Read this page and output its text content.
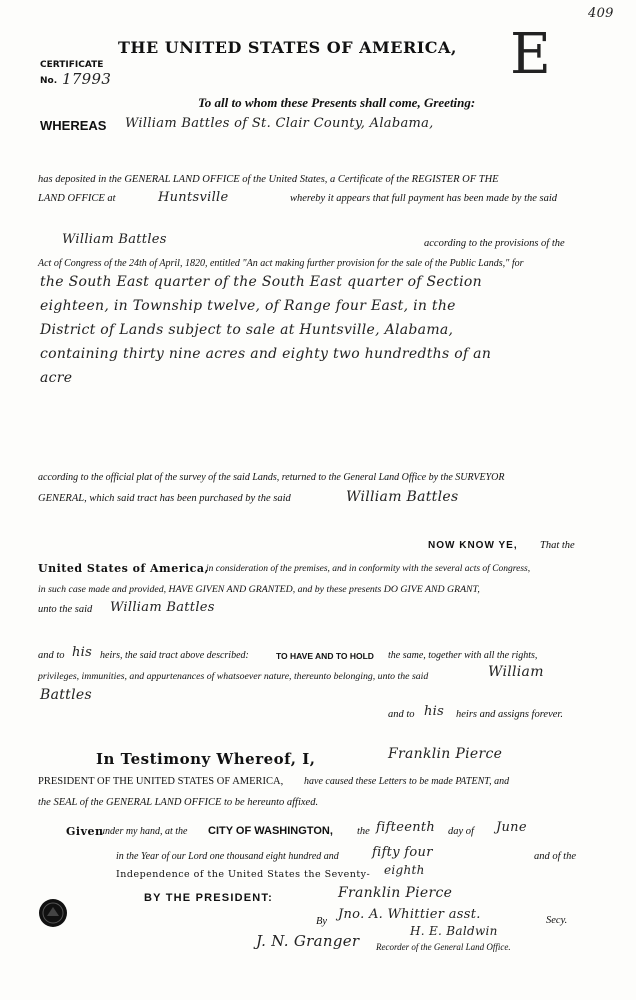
409
THE UNITED STATES OF AMERICA, E
CERTIFICATE
No. 17993
To all to whom these Presents shall come, Greeting:
WHEREAS William Battles of St. Clair County, Alabama,
has deposited in the GENERAL LAND OFFICE of the United States, a Certificate of the REGISTER OF THE
LAND OFFICE at	Huntsville	whereby it appears that full payment has been made by the said
William Battles	according to the provisions of the
Act of Congress of the 24th of April, 1820, entitled "An act making further provision for the sale of the Public Lands," for
the South East quarter of the South East quarter of Section
eighteen, in Township twelve, of Range four East, in the
District of Lands subject to sale at Huntsville, Alabama,
containing thirty nine acres and eighty two hundredths of an
acre
according to the official plat of the survey of the said Lands, returned to the General Land Office by the SURVEYOR
GENERAL, which said tract has been purchased by the said	William Battles
NOW KNOW YE, That the
United States of America,
in consideration of the premises, and in conformity with the several acts of Congress,
in such case made and provided, HAVE GIVEN AND GRANTED, and by these presents DO GIVE AND GRANT,
unto the said William Battles
and to his heirs, the said tract above described:	TO HAVE AND TO HOLD the same, together with all the rights,
privileges, immunities, and appurtenances of whatsoever nature, thereunto belonging, unto the said	William
Battles
and to his heirs and assigns forever.
In Testimony Whereof, I,	Franklin Pierce
PRESIDENT OF THE UNITED STATES OF AMERICA, have caused these Letters to be made PATENT, and
the SEAL of the GENERAL LAND OFFICE to be hereunto affixed.
Given
under my hand, at the CITY OF WASHINGTON, the fifteenth day of June
in the Year of our Lord one thousand eight hundred and	fifty four	and of the
Independence of the United States the Seventy- eighth
BY THE PRESIDENT:	Franklin Pierce
By Jno. A. Whittier asst.	Secy.
H. E. Baldwin
J. N. Granger Recorder of the General Land Office.
